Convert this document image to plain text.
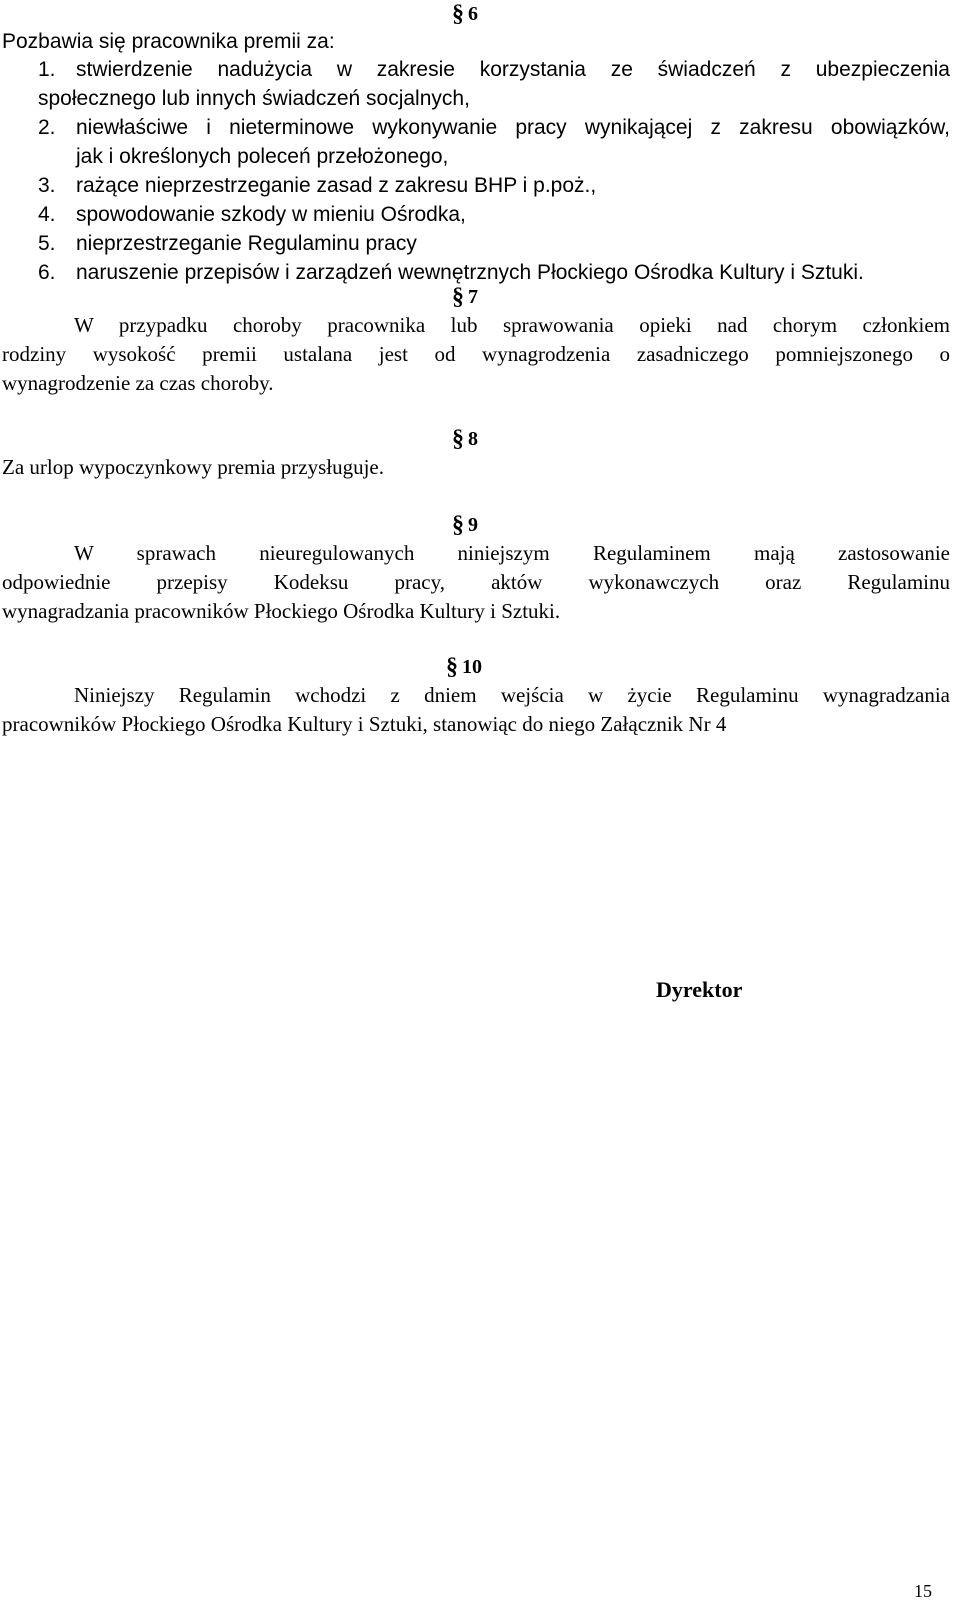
§ 6

Pozbawia się pracownika premii za:

1. stwierdzenie nadużycia w zakresie korzystania ze świadczeń z ubezpieczenia
społecznego lub innych świadczeń socjalnych,
2. niewłaściwe i nieterminowe wykonywanie pracy wynikającej z zakresu obowiązków,
jak i określonych poleceń przełożonego,
3. rażące nieprzestrzeganie zasad z zakresu BHP i p.poż.,
4. spowodowanie szkody w mieniu Ośrodka,
5. nieprzestrzeganie Regulaminu pracy
6. naruszenie przepisów i zarządzeń wewnętrznych Płockiego Ośrodka Kultury i Sztuki.
§ 7
W przypadku choroby pracownika lub sprawowania opieki nad chorym członkiem
rodziny wysokość premii ustalana jest od wynagrodzenia zasadniczego pomniejszonego o
wynagrodzenie za czas choroby.
§ 8

Za urlop wypoczynkowy premia przysługuje.

§ 9
W sprawach nieuregulowanych niniejszym Regulaminem mają zastosowanie
odpowiednie przepisy Kodeksu pracy, aktów wykonawczych oraz Regulaminu
wynagradzania pracowników Płockiego Ośrodka Kultury i Sztuki.
§ 10
Niniejszy Regulamin wchodzi z dniem wejścia w życie Regulaminu wynagradzania
pracowników Płockiego Ośrodka Kultury i Sztuki, stanowiąc do niego Załącznik Nr 4
Dyrektor
15
